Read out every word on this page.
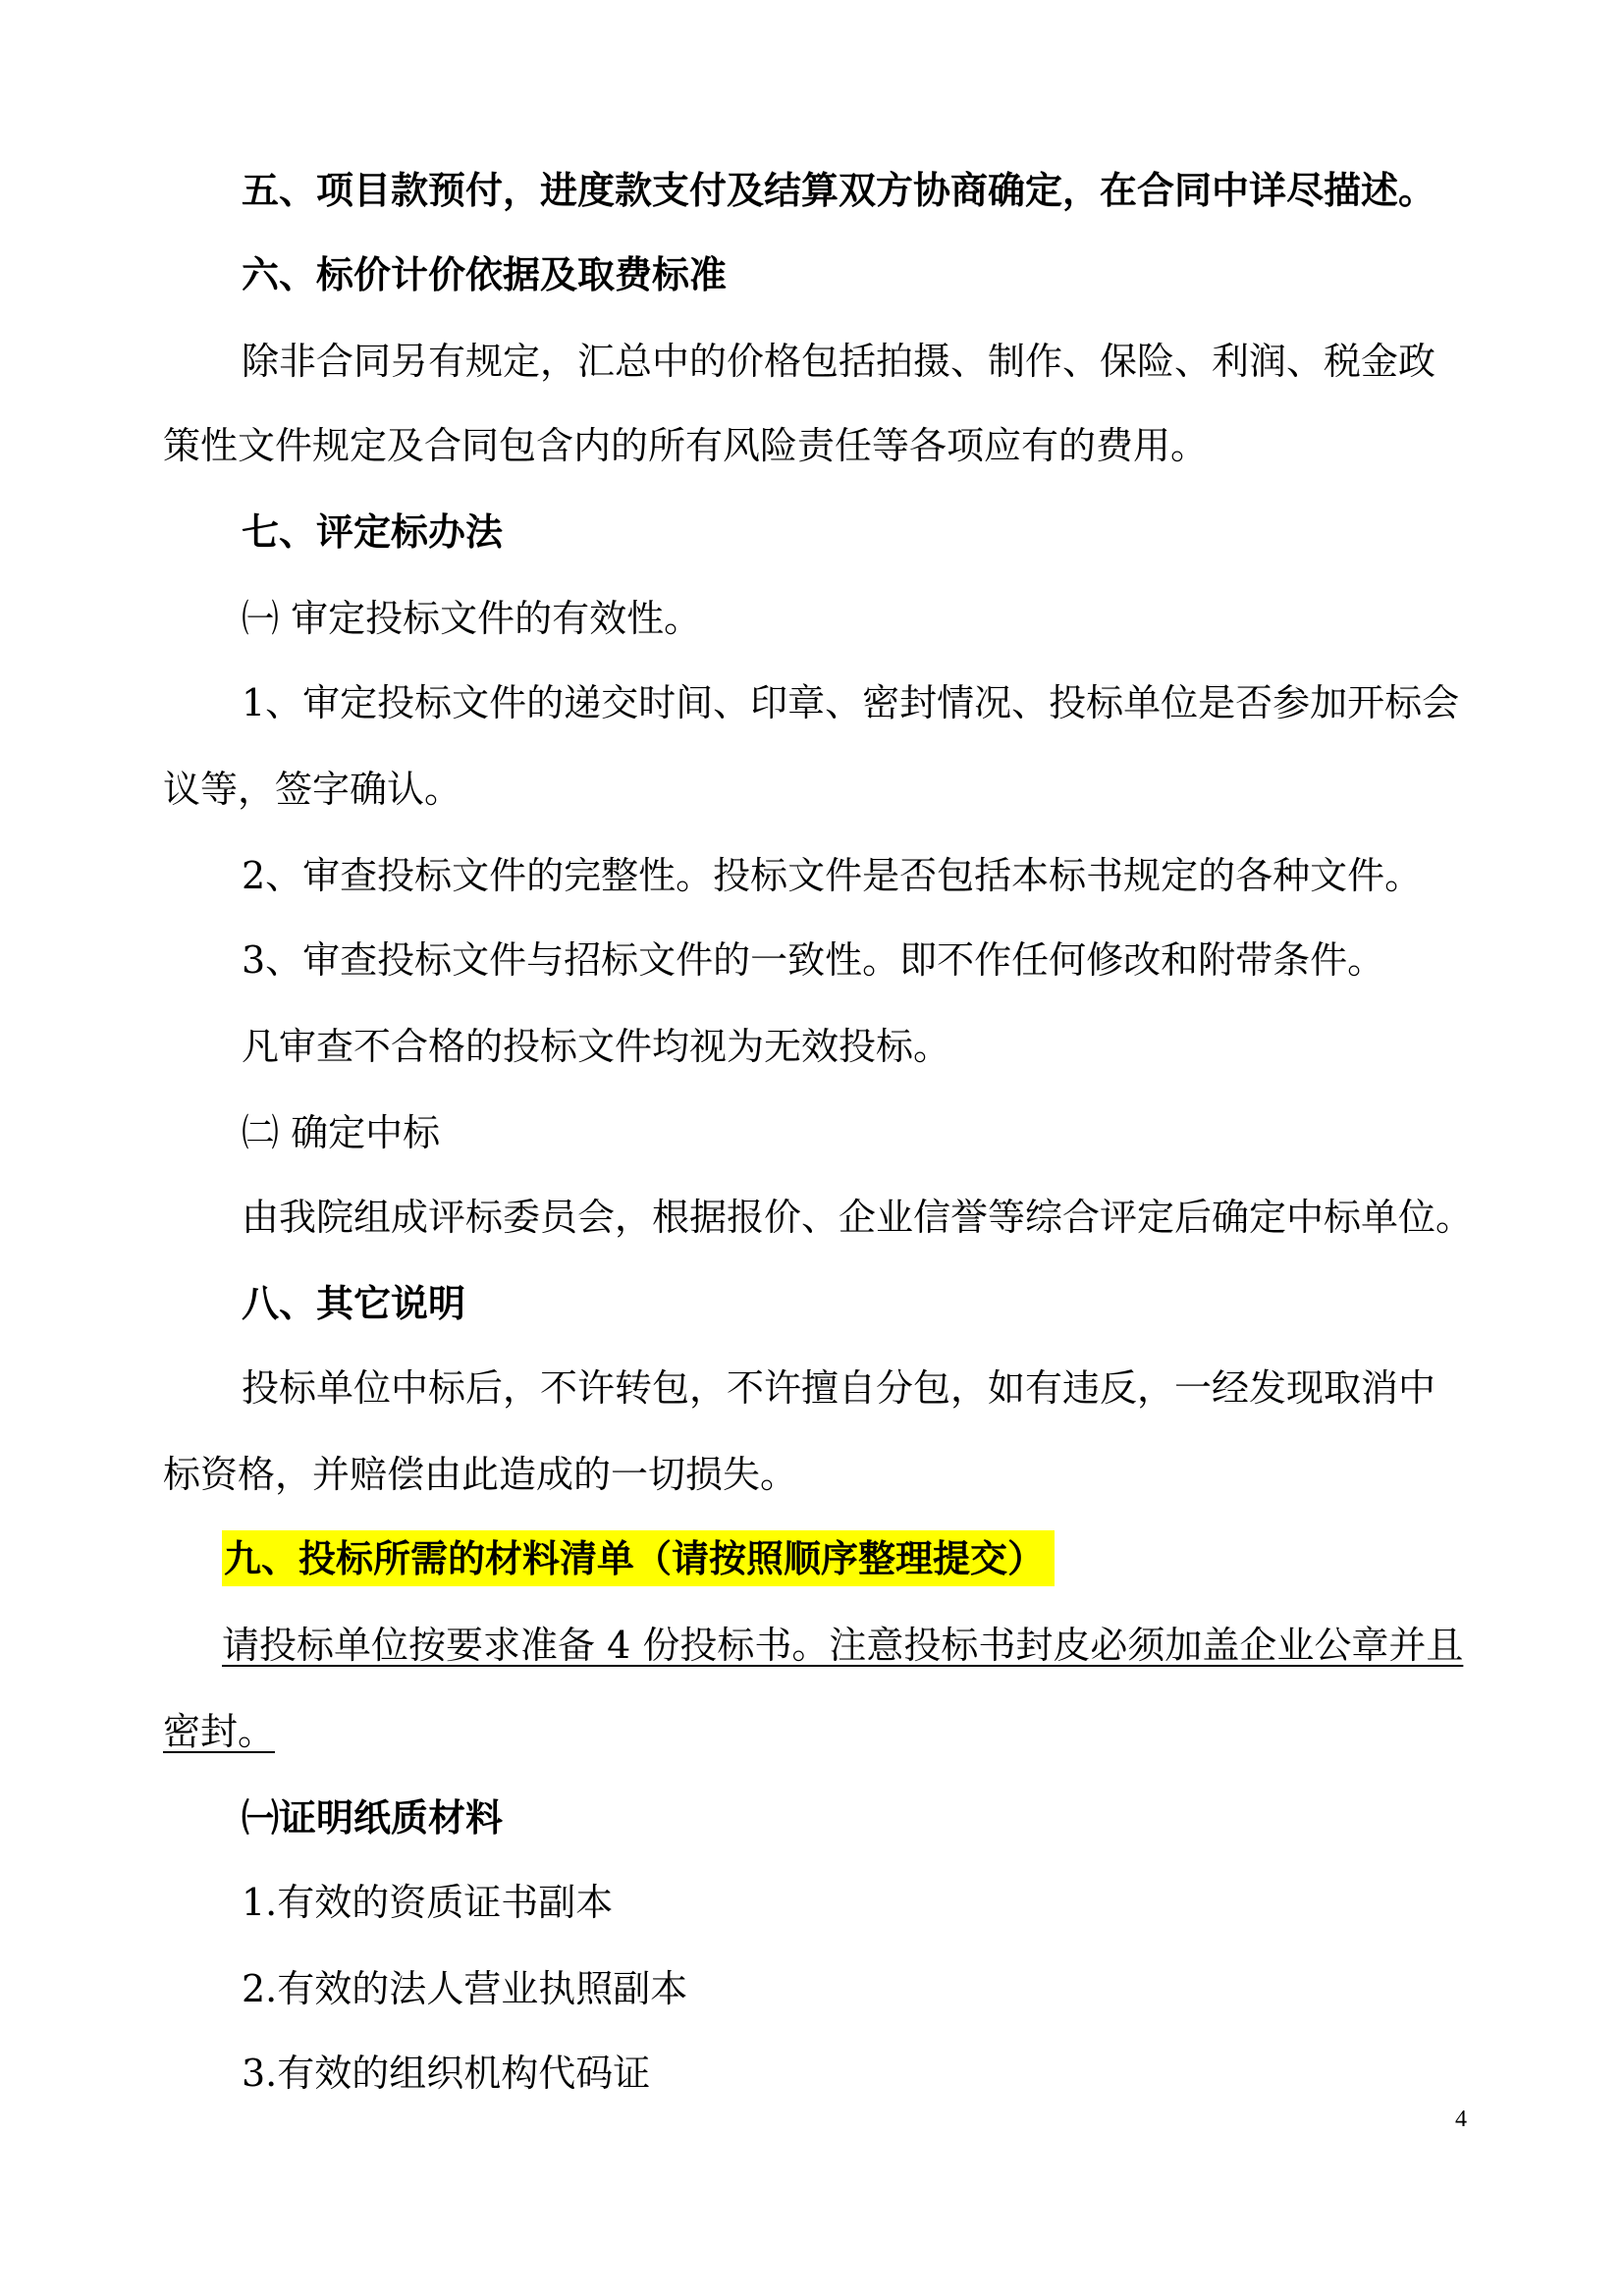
五、项目款预付，进度款支付及结算双方协商确定，在合同中详尽描述。

六、标价计价依据及取费标准

除非合同另有规定，汇总中的价格包括拍摄、制作、保险、利润、税金政

策性文件规定及合同包含内的所有风险责任等各项应有的费用。

七、评定标办法

㈠ 审定投标文件的有效性。

1、审定投标文件的递交时间、印章、密封情况、投标单位是否参加开标会

议等，签字确认。

2、审查投标文件的完整性。投标文件是否包括本标书规定的各种文件。

3、审查投标文件与招标文件的一致性。即不作任何修改和附带条件。

凡审查不合格的投标文件均视为无效投标。

㈡ 确定中标

由我院组成评标委员会，根据报价、企业信誉等综合评定后确定中标单位。

八、其它说明

投标单位中标后，不许转包，不许擅自分包，如有违反，一经发现取消中

标资格，并赔偿由此造成的一切损失。

九、投标所需的材料清单（请按照顺序整理提交）

请投标单位按要求准备 4 份投标书。注意投标书封皮必须加盖企业公章并且

密封。

㈠证明纸质材料

1.有效的资质证书副本

2.有效的法人营业执照副本

3.有效的组织机构代码证

4
